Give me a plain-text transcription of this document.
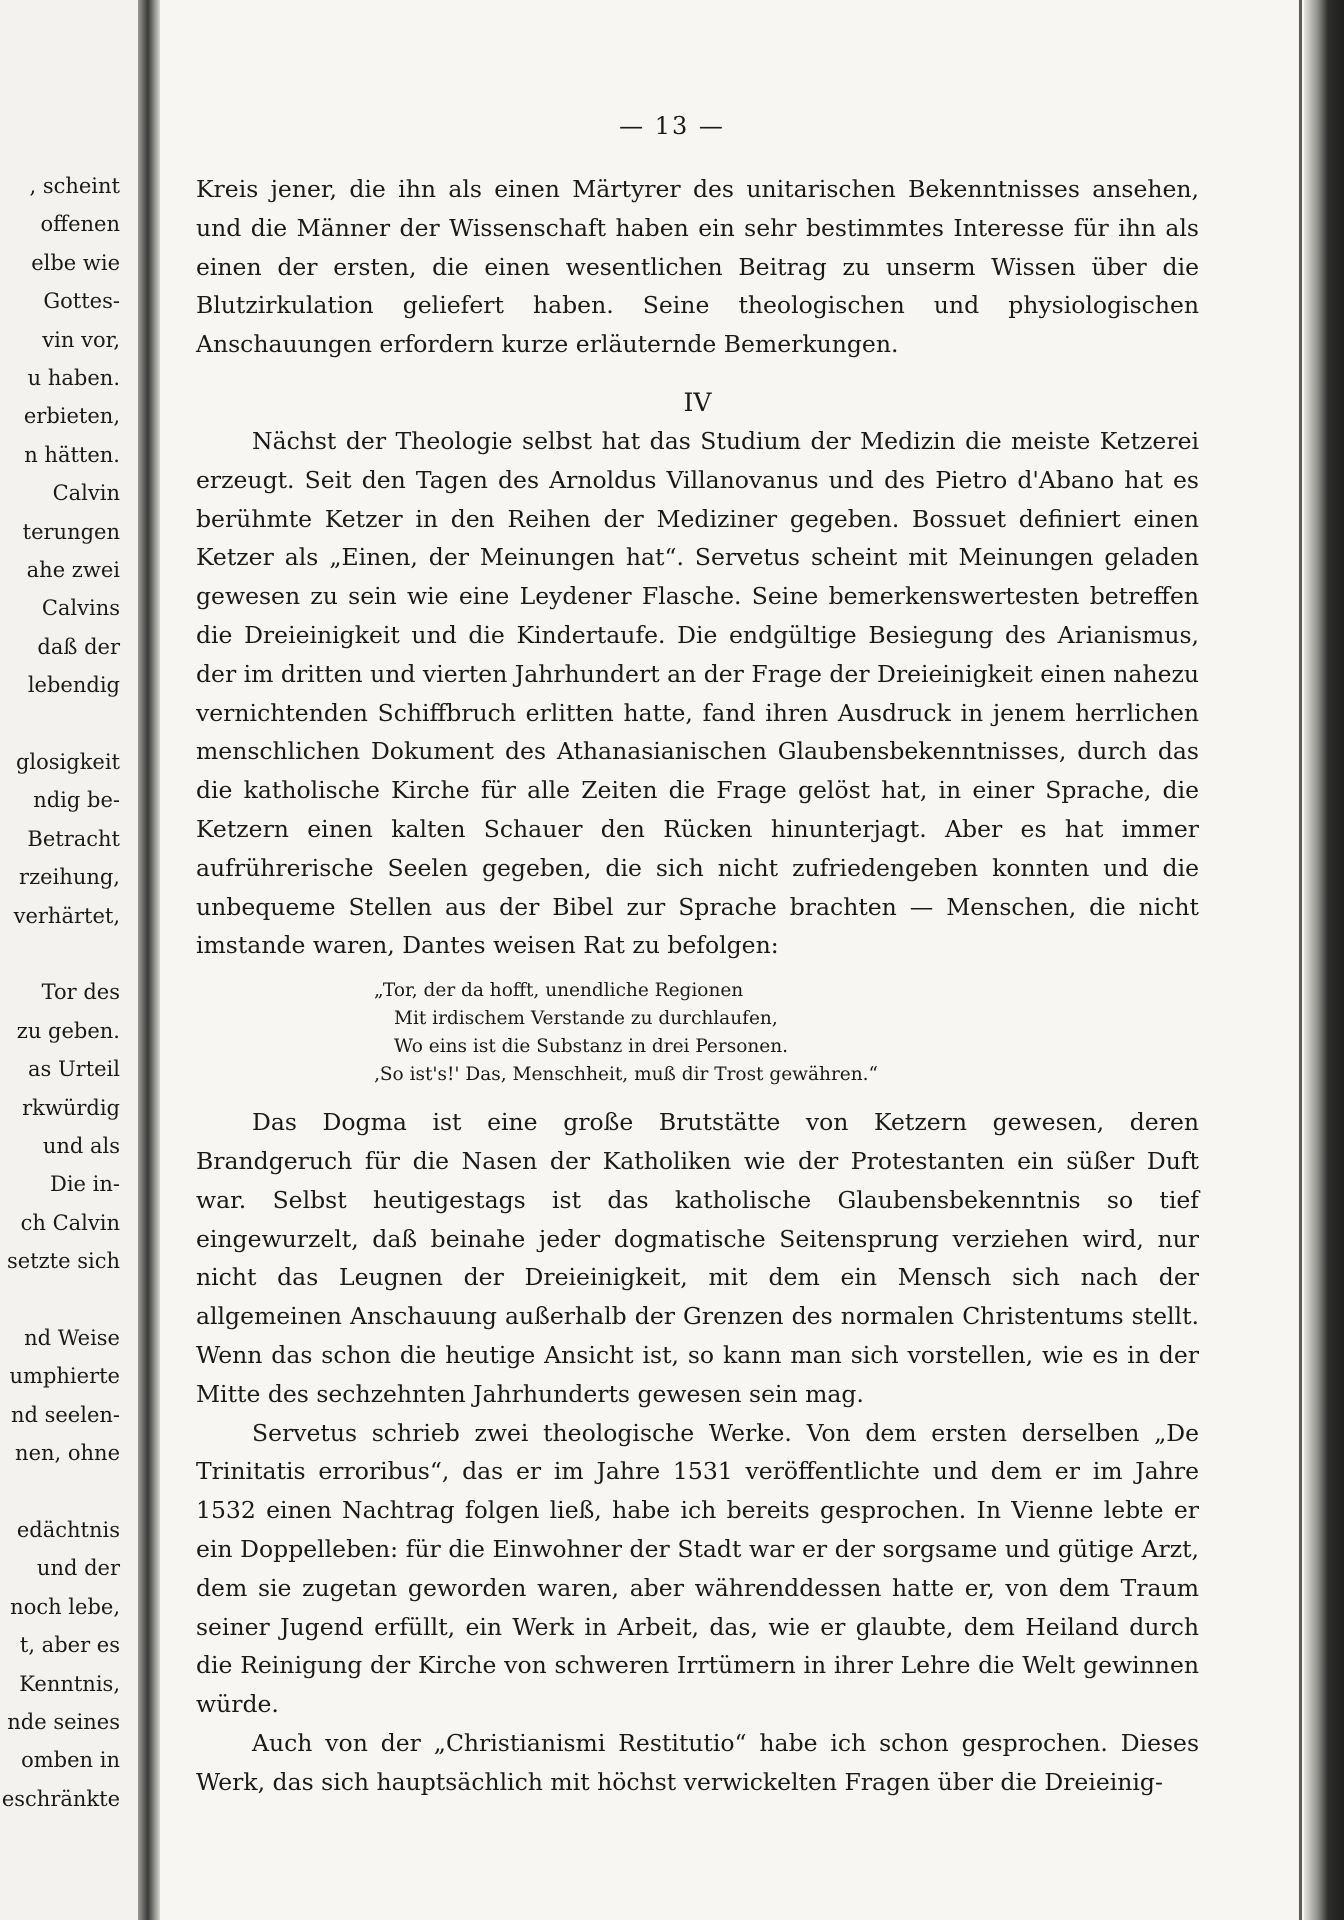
, scheint
offenen
elbe wie
Gottes-
vin vor,
u haben.
erbieten,
n hätten.
Calvin
terungen
ahe zwei
Calvins
daß der
lebendig
glosigkeit
ndig be-
Betracht
rzeihung,
verhärtet,
Tor des
zu geben.
as Urteil
rkwürdig
und als
Die in-
ch Calvin
setzte sich
nd Weise
umphierte
nd seelen-
nen, ohne
edächtnis
und der
noch lebe,
t, aber es
Kenntnis,
nde seines
omben in
eschränkte
— 13 —

Kreis jener, die ihn als einen Märtyrer des unitarischen Bekenntnisses ansehen, und die Männer der Wissenschaft haben ein sehr bestimmtes Interesse für ihn als einen der ersten, die einen wesentlichen Beitrag zu unserm Wissen über die Blutzirkulation geliefert haben. Seine theologischen und physiologischen Anschauungen erfordern kurze erläuternde Bemerkungen.

IV

Nächst der Theologie selbst hat das Studium der Medizin die meiste Ketzerei erzeugt. Seit den Tagen des Arnoldus Villanovanus und des Pietro d'Abano hat es berühmte Ketzer in den Reihen der Mediziner gegeben. Bossuet definiert einen Ketzer als „Einen, der Meinungen hat“. Servetus scheint mit Meinungen geladen gewesen zu sein wie eine Leydener Flasche. Seine bemerkenswertesten betreffen die Dreieinigkeit und die Kindertaufe. Die endgültige Besiegung des Arianismus, der im dritten und vierten Jahrhundert an der Frage der Dreieinigkeit einen nahezu vernichtenden Schiffbruch erlitten hatte, fand ihren Ausdruck in jenem herrlichen menschlichen Dokument des Athanasianischen Glaubensbekenntnisses, durch das die katholische Kirche für alle Zeiten die Frage gelöst hat, in einer Sprache, die Ketzern einen kalten Schauer den Rücken hinunterjagt. Aber es hat immer aufrührerische Seelen gegeben, die sich nicht zufriedengeben konnten und die unbequeme Stellen aus der Bibel zur Sprache brachten — Menschen, die nicht imstande waren, Dantes weisen Rat zu befolgen:

„Tor, der da hofft, unendliche Regionen
Mit irdischem Verstande zu durchlaufen,
Wo eins ist die Substanz in drei Personen.
‚So ist's!' Das, Menschheit, muß dir Trost gewähren.“

Das Dogma ist eine große Brutstätte von Ketzern gewesen, deren Brandgeruch für die Nasen der Katholiken wie der Protestanten ein süßer Duft war. Selbst heutigestags ist das katholische Glaubensbekenntnis so tief eingewurzelt, daß beinahe jeder dogmatische Seitensprung verziehen wird, nur nicht das Leugnen der Dreieinigkeit, mit dem ein Mensch sich nach der allgemeinen Anschauung außerhalb der Grenzen des normalen Christentums stellt. Wenn das schon die heutige Ansicht ist, so kann man sich vorstellen, wie es in der Mitte des sechzehnten Jahrhunderts gewesen sein mag.

Servetus schrieb zwei theologische Werke. Von dem ersten derselben „De Trinitatis erroribus“, das er im Jahre 1531 veröffentlichte und dem er im Jahre 1532 einen Nachtrag folgen ließ, habe ich bereits gesprochen. In Vienne lebte er ein Doppelleben: für die Einwohner der Stadt war er der sorgsame und gütige Arzt, dem sie zugetan geworden waren, aber währenddessen hatte er, von dem Traum seiner Jugend erfüllt, ein Werk in Arbeit, das, wie er glaubte, dem Heiland durch die Reinigung der Kirche von schweren Irrtümern in ihrer Lehre die Welt gewinnen würde.

Auch von der „Christianismi Restitutio“ habe ich schon gesprochen. Dieses Werk, das sich hauptsächlich mit höchst verwickelten Fragen über die Dreieinig-
